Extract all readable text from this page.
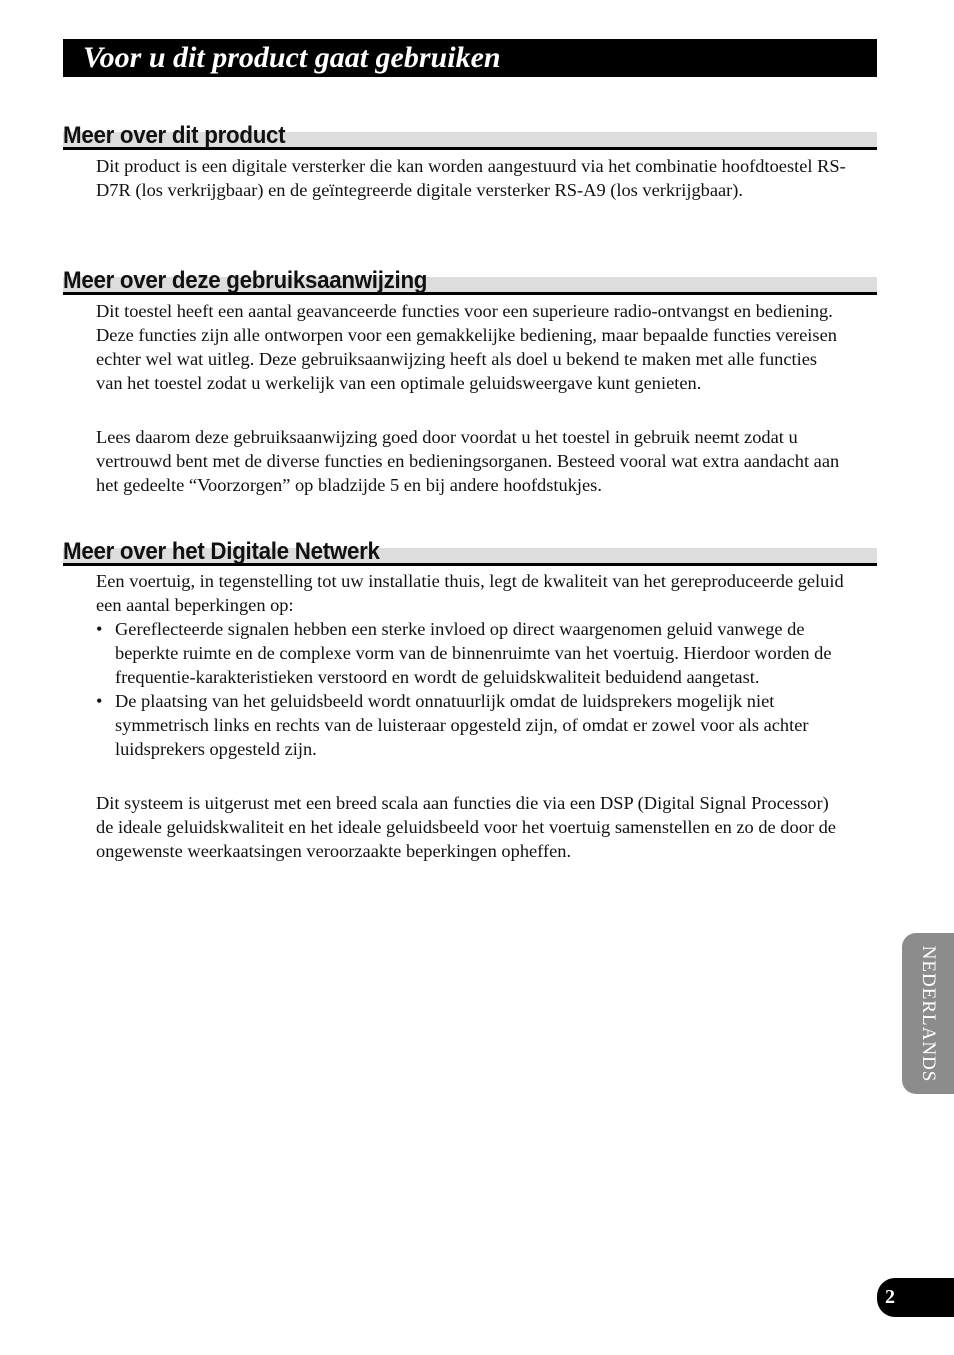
Voor u dit product gaat gebruiken
Meer over dit product

Dit product is een digitale versterker die kan worden aangestuurd via het combinatie hoofdtoestel RS-D7R (los verkrijgbaar) en de geïntegreerde digitale versterker RS-A9 (los verkrijgbaar).

Meer over deze gebruiksaanwijzing

Dit toestel heeft een aantal geavanceerde functies voor een superieure radio-ontvangst en bediening. Deze functies zijn alle ontworpen voor een gemakkelijke bediening, maar bepaalde functies vereisen echter wel wat uitleg. Deze gebruiksaanwijzing heeft als doel u bekend te maken met alle functies van het toestel zodat u werkelijk van een optimale geluidsweergave kunt genieten.

Lees daarom deze gebruiksaanwijzing goed door voordat u het toestel in gebruik neemt zodat u vertrouwd bent met de diverse functies en bedieningsorganen. Besteed vooral wat extra aandacht aan het gedeelte “Voorzorgen” op bladzijde 5 en bij andere hoofdstukjes.

Meer over het Digitale Netwerk

Een voertuig, in tegenstelling tot uw installatie thuis, legt de kwaliteit van het gereproduceerde geluid een aantal beperkingen op:

• Gereflecteerde signalen hebben een sterke invloed op direct waargenomen geluid vanwege de beperkte ruimte en de complexe vorm van de binnenruimte van het voertuig. Hierdoor worden de frequentie-karakteristieken verstoord en wordt de geluidskwaliteit beduidend aangetast.
• De plaatsing van het geluidsbeeld wordt onnatuurlijk omdat de luidsprekers mogelijk niet symmetrisch links en rechts van de luisteraar opgesteld zijn, of omdat er zowel voor als achter luidsprekers opgesteld zijn.

Dit systeem is uitgerust met een breed scala aan functies die via een DSP (Digital Signal Processor) de ideale geluidskwaliteit en het ideale geluidsbeeld voor het voertuig samenstellen en zo de door de ongewenste weerkaatsingen veroorzaakte beperkingen opheffen.

NEDERLANDS
2
